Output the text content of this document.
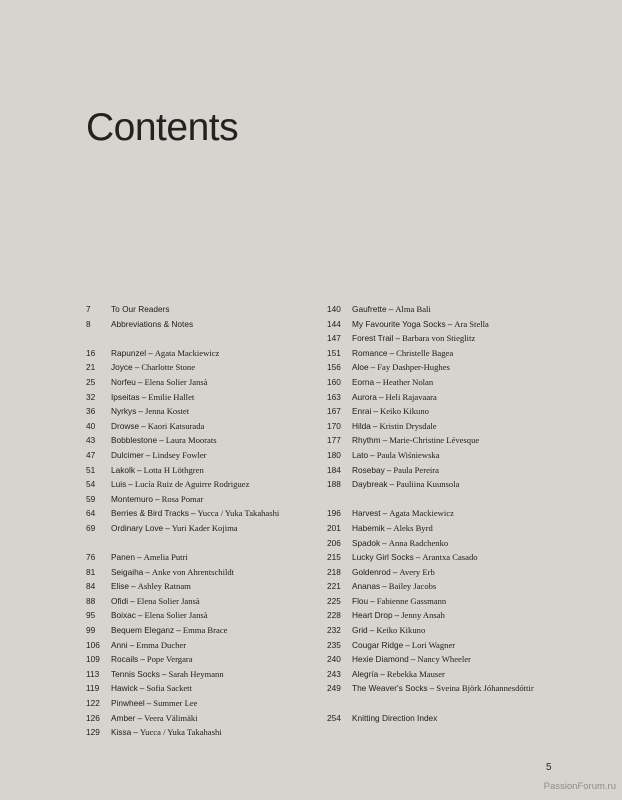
Contents
7	To Our Readers
8	Abbreviations & Notes
16	Rapunzel – Agata Mackiewicz
21	Joyce – Charlotte Stone
25	Norfeu – Elena Solier Jansà
32	Ipseitas – Emilie Hallet
36	Nyrkys – Jenna Kostet
40	Drowse – Kaori Katsurada
43	Bobblestone – Laura Moorats
47	Dulcimer – Lindsey Fowler
51	Lakolk – Lotta H Löthgren
54	Luis – Lucía Ruiz de Aguirre Rodriguez
59	Montemuro – Rosa Pomar
64	Berries & Bird Tracks – Yucca / Yuka Takahashi
69	Ordinary Love – Yuri Kader Kojima
76	Panen – Amelia Putri
81	Seigaiha – Anke von Ahrentschildt
84	Elise – Ashley Ratnam
88	Ofidi – Elena Solier Jansà
95	Boixac – Elena Solier Jansà
99	Bequem Eleganz – Emma Brace
106	Anni – Emma Ducher
109	Rocails – Pope Vergara
113	Tennis Socks – Sarah Heymann
119	Hawick – Sofia Sackett
122	Pinwheel – Summer Lee
126	Amber – Veera Välimäki
129	Kissa – Yucca / Yuka Takahashi
140	Gaufrette – Alma Bali
144	My Favourite Yoga Socks – Ara Stella
147	Forest Trail – Barbara von Stieglitz
151	Romance – Christelle Bagea
156	Aloe – Fay Dashper-Hughes
160	Eorna – Heather Nolan
163	Aurora – Heli Rajavaara
167	Enrai – Keiko Kikuno
170	Hilda – Kristin Drysdale
177	Rhythm – Marie-Christine Lévesque
180	Lato – Paula Wiśniewska
184	Rosebay – Paula Pereira
188	Daybreak – Pauliina Kuunsola
196	Harvest – Agata Mackiewicz
201	Habemik – Aleks Byrd
206	Spadok – Anna Radchenko
215	Lucky Girl Socks – Arantxa Casado
218	Goldenrod – Avery Erb
221	Ananas – Bailey Jacobs
225	Flou – Fabienne Gassmann
228	Heart Drop – Jenny Ansah
232	Grid – Keiko Kikuno
235	Cougar Ridge – Lori Wagner
240	Hexie Diamond – Nancy Wheeler
243	Alegría – Rebekka Mauser
249	The Weaver's Socks – Sveina Björk Jóhannesdóttir
254	Knitting Direction Index
5
PassionForum.ru
